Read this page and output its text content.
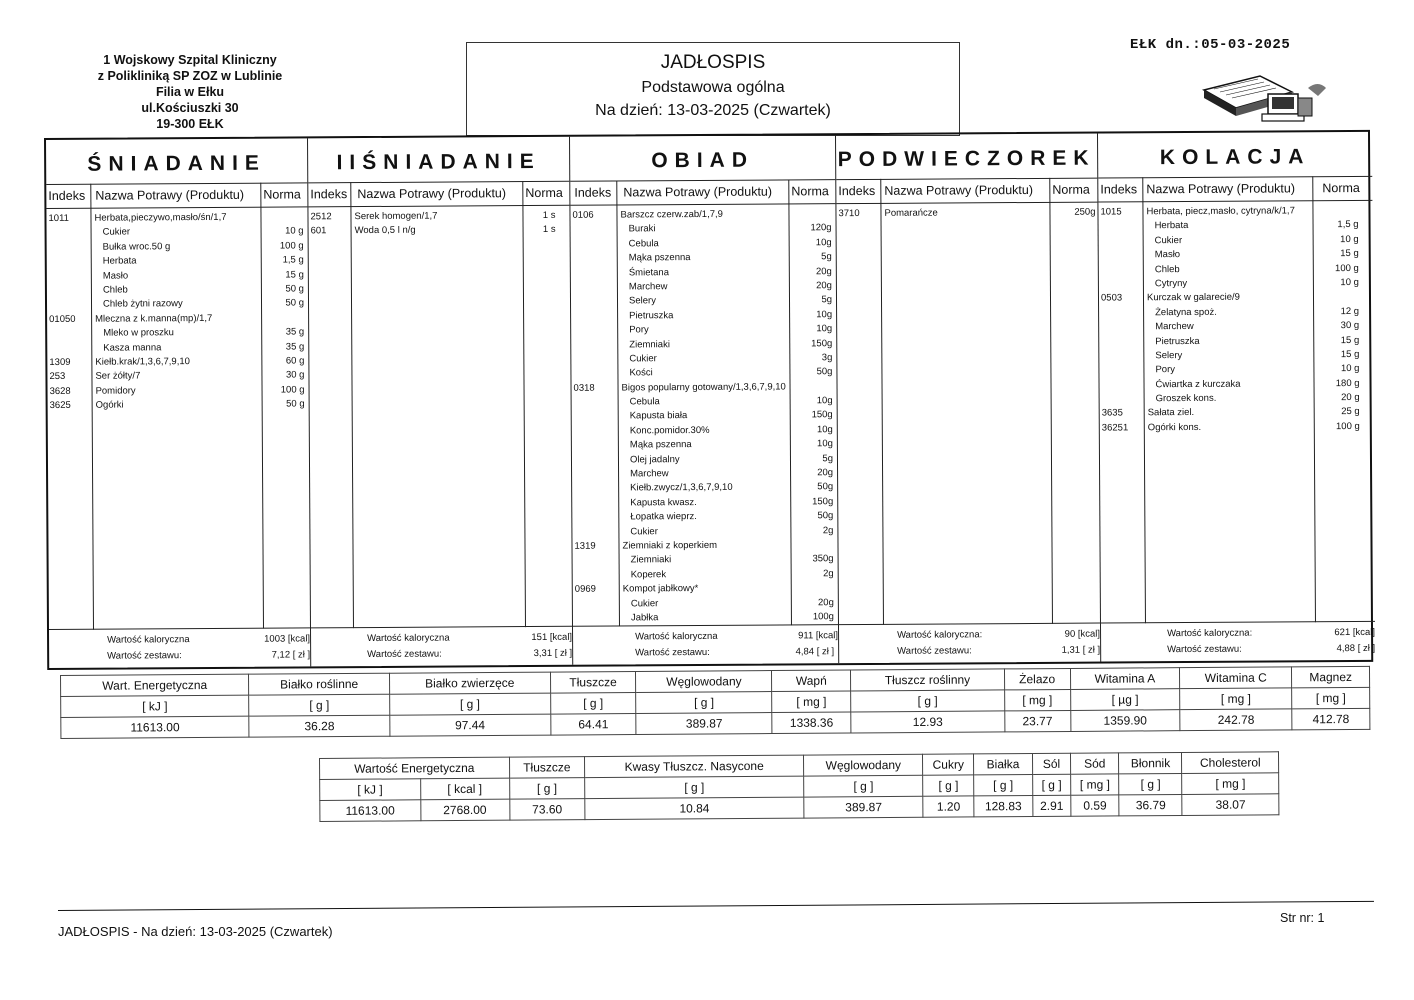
1 Wojskowy Szpital Kliniczny
z Polikliniką SP ZOZ w Lublinie
Filia w Ełku
ul.Kościuszki 30
19-300 EŁK
EŁK dn.:05-03-2025
JADŁOSPIS
Podstawowa ogólna
Na dzień: 13-03-2025 (Czwartek)
ŚNIADANIE
Indeks Nazwa Potrawy (Produktu) Norma
1011	Herbata,pieczywo,masło/śn/1,7
Cukier	10 g
Bułka wroc.50 g	100 g
Herbata	1,5 g
Masło	15 g
Chleb	50 g
Chleb żytni razowy	50 g
01050 Mleczna z k.manna(mp)/1,7
Mleko w proszku	35 g
Kasza manna	35 g
1309	Kiełb.krak/1,3,6,7,9,10	60 g
253	Ser żółty/7	30 g
3628	Pomidory	100 g
3625	Ogórki	50 g
Wartość kaloryczna	1003 [kcal]
Wartość zestawu:	7,12 [ zł ]
IIŚNIADANIE
Indeks Nazwa Potrawy (Produktu) Norma
2512 Serek homogen/1,7	1 s
601	Woda 0,5 l n/g	1 s
Wartość kaloryczna	151 [kcal]
Wartość zestawu:	3,31 [ zł ]
OBIAD
Indeks Nazwa Potrawy (Produktu) Norma
0106	Barszcz czerw.zab/1,7,9
Buraki	120g
Cebula	10g
Mąka pszenna	5g
Śmietana	20g
Marchew	20g
Selery	5g
Pietruszka	10g
Pory	10g
Ziemniaki	150g
Cukier	3g
Kości	50g
0318	Bigos popularny gotowany/1,3,6,7,9,10
Cebula	10g
Kapusta biała	150g
Konc.pomidor.30%	10g
Mąka pszenna	10g
Olej jadalny	5g
Marchew	20g
Kiełb.zwycz/1,3,6,7,9,10	50g
Kapusta kwasz.	150g
Łopatka wieprz.	50g
Cukier	2g
1319	Ziemniaki z koperkiem
Ziemniaki	350g
Koperek	2g
0969	Kompot jabłkowy*
Cukier	20g
Jabłka	100g
Wartość kaloryczna	911 [kcal]
Wartość zestawu:	4,84 [ zł ]
PODWIECZOREK
Indeks Nazwa Potrawy (Produktu) Norma
3710	Pomarańcze	250g
Wartość kaloryczna:	90 [kcal]
Wartość zestawu:	1,31 [ zł ]
KOLACJA
Indeks Nazwa Potrawy (Produktu) Norma
1015	Herbata, piecz,masło, cytryna/k/1,7
Herbata	1,5 g
Cukier	10 g
Masło	15 g
Chleb	100 g
Cytryny	10 g
0503	Kurczak w galarecie/9
Żelatyna spoż.	12 g
Marchew	30 g
Pietruszka	15 g
Selery	15 g
Pory	10 g
Ćwiartka z kurczaka	180 g
Groszek kons.	20 g
3635	Sałata ziel.	25 g
36251 Ogórki kons.	100 g
Wartość kaloryczna:	621 [kcal]
Wartość zestawu:	4,88 [ zł ]
Wart. Energetyczna	Białko roślinne	Białko zwierzęce	Tłuszcze	Węglowodany	Wapń	Tłuszcz roślinny	Żelazo	Witamina A	Witamina C	Magnez
[ kJ ]	[ g ]	[ g ]	[ g ]	[ g ]	[ mg ]	[ g ]	[ mg ]	[ µg ]	[ mg ]	[ mg ]
11613.00	36.28	97.44	64.41	389.87	1338.36	12.93	23.77	1359.90	242.78	412.78
Wartość Energetyczna		Tłuszcze	Kwasy Tłuszcz. Nasycone	Węglowodany	Cukry	Białka	Sól	Sód	Błonnik	Cholesterol
[ kJ ]	[ kcal ]	[ g ]	[ g ]	[ g ]	[ g ]	[ g ]	[ g ]	[ mg ]	[ g ]	[ mg ]
11613.00	2768.00	73.60	10.84	389.87	1.20	128.83	2.91	0.59	36.79	38.07
JADŁOSPIS - Na dzień: 13-03-2025 (Czwartek)
Str nr: 1
